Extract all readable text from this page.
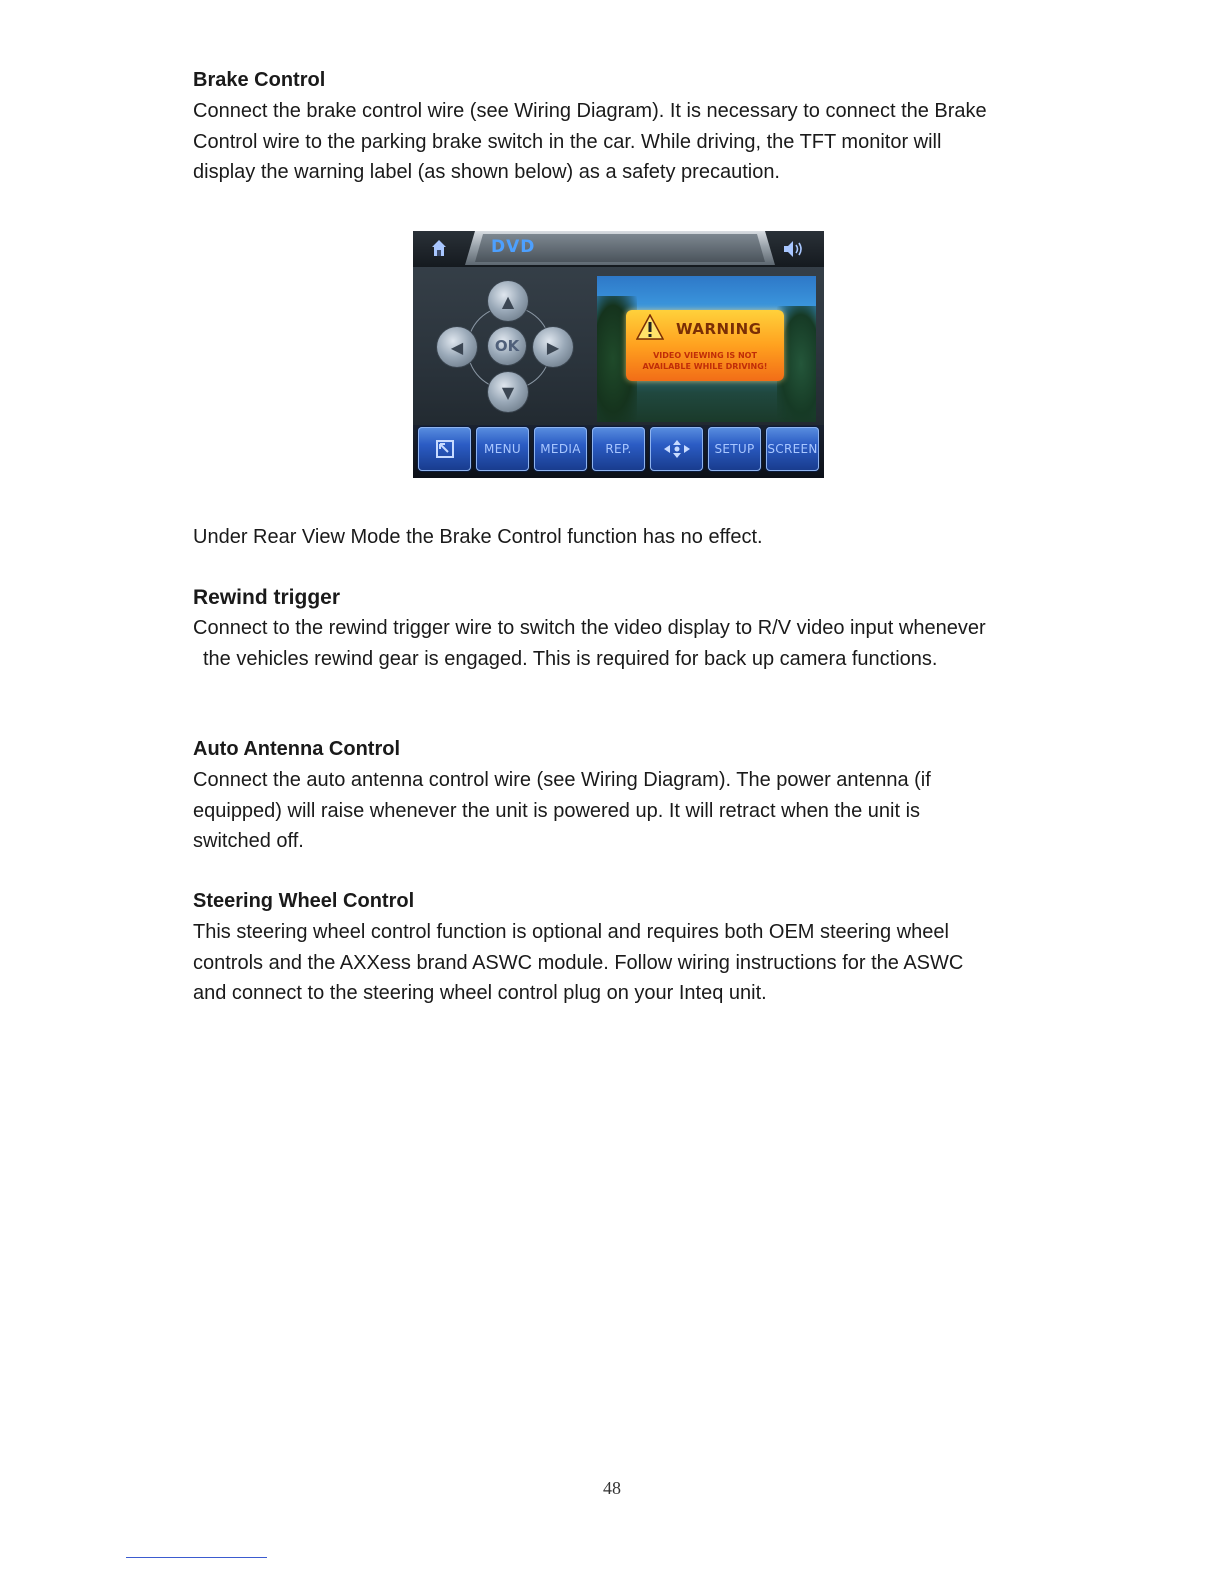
Brake Control
Connect the brake control wire (see Wiring Diagram). It is necessary to connect the Brake
Control wire to the parking brake switch in the car. While driving, the TFT monitor will
display the warning label (as shown below) as a safety precaution.
DVD
▲
◀	OK	▶
▼
WARNING
VIDEO VIEWING IS NOT
AVAILABLE WHILE DRIVING!
MENU	MEDIA	REP.	SETUP	SCREEN
Under Rear View Mode the Brake Control function has no effect.
Rewind trigger
Connect to the rewind trigger wire to switch the video display to R/V video input whenever
the vehicles rewind gear is engaged. This is required for back up camera functions.
Auto Antenna Control
Connect the auto antenna control wire (see Wiring Diagram). The power antenna (if
equipped) will raise whenever the unit is powered up. It will retract when the unit is
switched off.
Steering Wheel Control
This steering wheel control function is optional and requires both OEM steering wheel
controls and the AXXess brand ASWC module. Follow wiring instructions for the ASWC
and connect to the steering wheel control plug on your Inteq unit.
48
